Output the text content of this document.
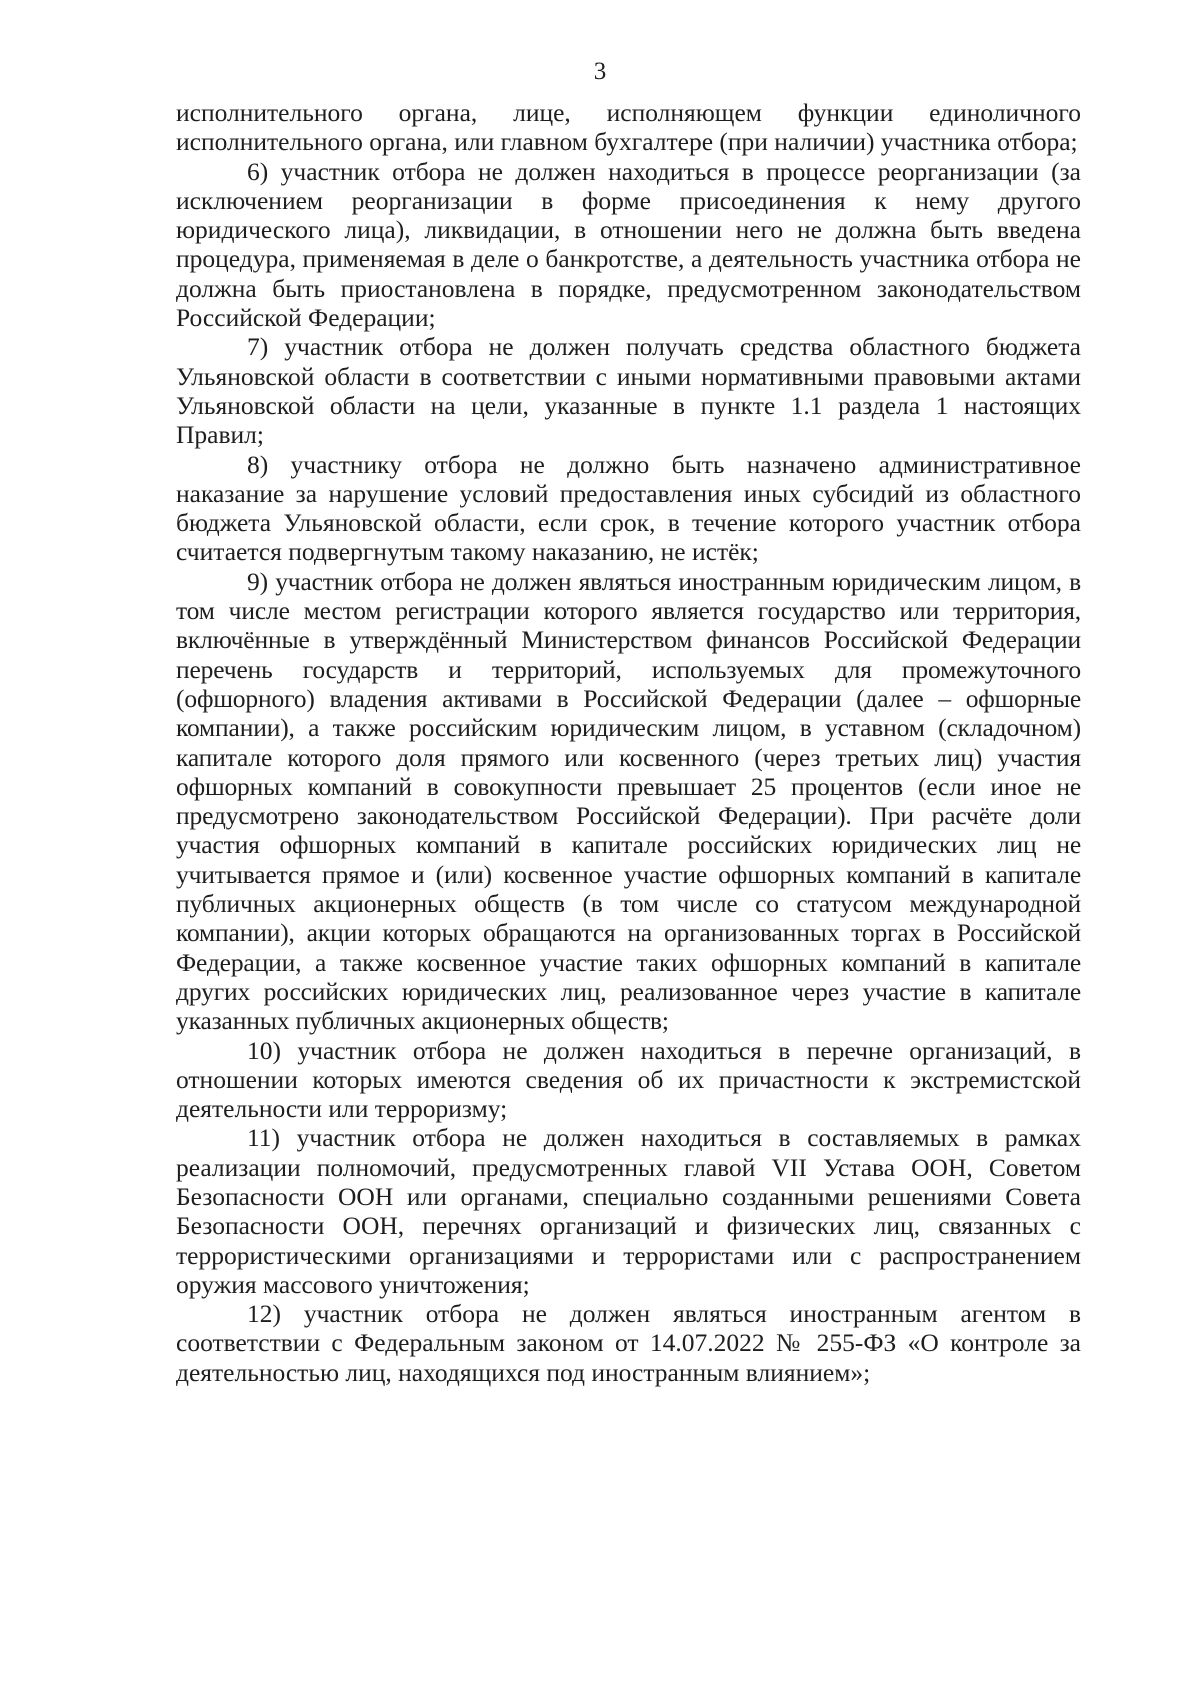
3

исполнительного органа, лице, исполняющем функции единоличного исполнительного органа, или главном бухгалтере (при наличии) участника отбора;

6) участник отбора не должен находиться в процессе реорганизации (за исключением реорганизации в форме присоединения к нему другого юридического лица), ликвидации, в отношении него не должна быть введена процедура, применяемая в деле о банкротстве, а деятельность участника отбора не должна быть приостановлена в порядке, предусмотренном законодательством Российской Федерации;

7) участник отбора не должен получать средства областного бюджета Ульяновской области в соответствии с иными нормативными правовыми актами Ульяновской области на цели, указанные в пункте 1.1 раздела 1 настоящих Правил;

8) участнику отбора не должно быть назначено административное наказание за нарушение условий предоставления иных субсидий из областного бюджета Ульяновской области, если срок, в течение которого участник отбора считается подвергнутым такому наказанию, не истёк;

9) участник отбора не должен являться иностранным юридическим лицом, в том числе местом регистрации которого является государство или территория, включённые в утверждённый Министерством финансов Российской Федерации перечень государств и территорий, используемых для промежуточного (офшорного) владения активами в Российской Федерации (далее – офшорные компании), а также российским юридическим лицом, в уставном (складочном) капитале которого доля прямого или косвенного (через третьих лиц) участия офшорных компаний в совокупности превышает 25 процентов (если иное не предусмотрено законодательством Российской Федерации). При расчёте доли участия офшорных компаний в капитале российских юридических лиц не учитывается прямое и (или) косвенное участие офшорных компаний в капитале публичных акционерных обществ (в том числе со статусом международной компании), акции которых обращаются на организованных торгах в Российской Федерации, а также косвенное участие таких офшорных компаний в капитале других российских юридических лиц, реализованное через участие в капитале указанных публичных акционерных обществ;

10) участник отбора не должен находиться в перечне организаций, в отношении которых имеются сведения об их причастности к экстремистской деятельности или терроризму;

11) участник отбора не должен находиться в составляемых в рамках реализации полномочий, предусмотренных главой VII Устава ООН, Советом Безопасности ООН или органами, специально созданными решениями Совета Безопасности ООН, перечнях организаций и физических лиц, связанных с террористическими организациями и террористами или с распространением оружия массового уничтожения;

12) участник отбора не должен являться иностранным агентом в соответствии с Федеральным законом от 14.07.2022 № 255-ФЗ «О контроле за деятельностью лиц, находящихся под иностранным влиянием»;
